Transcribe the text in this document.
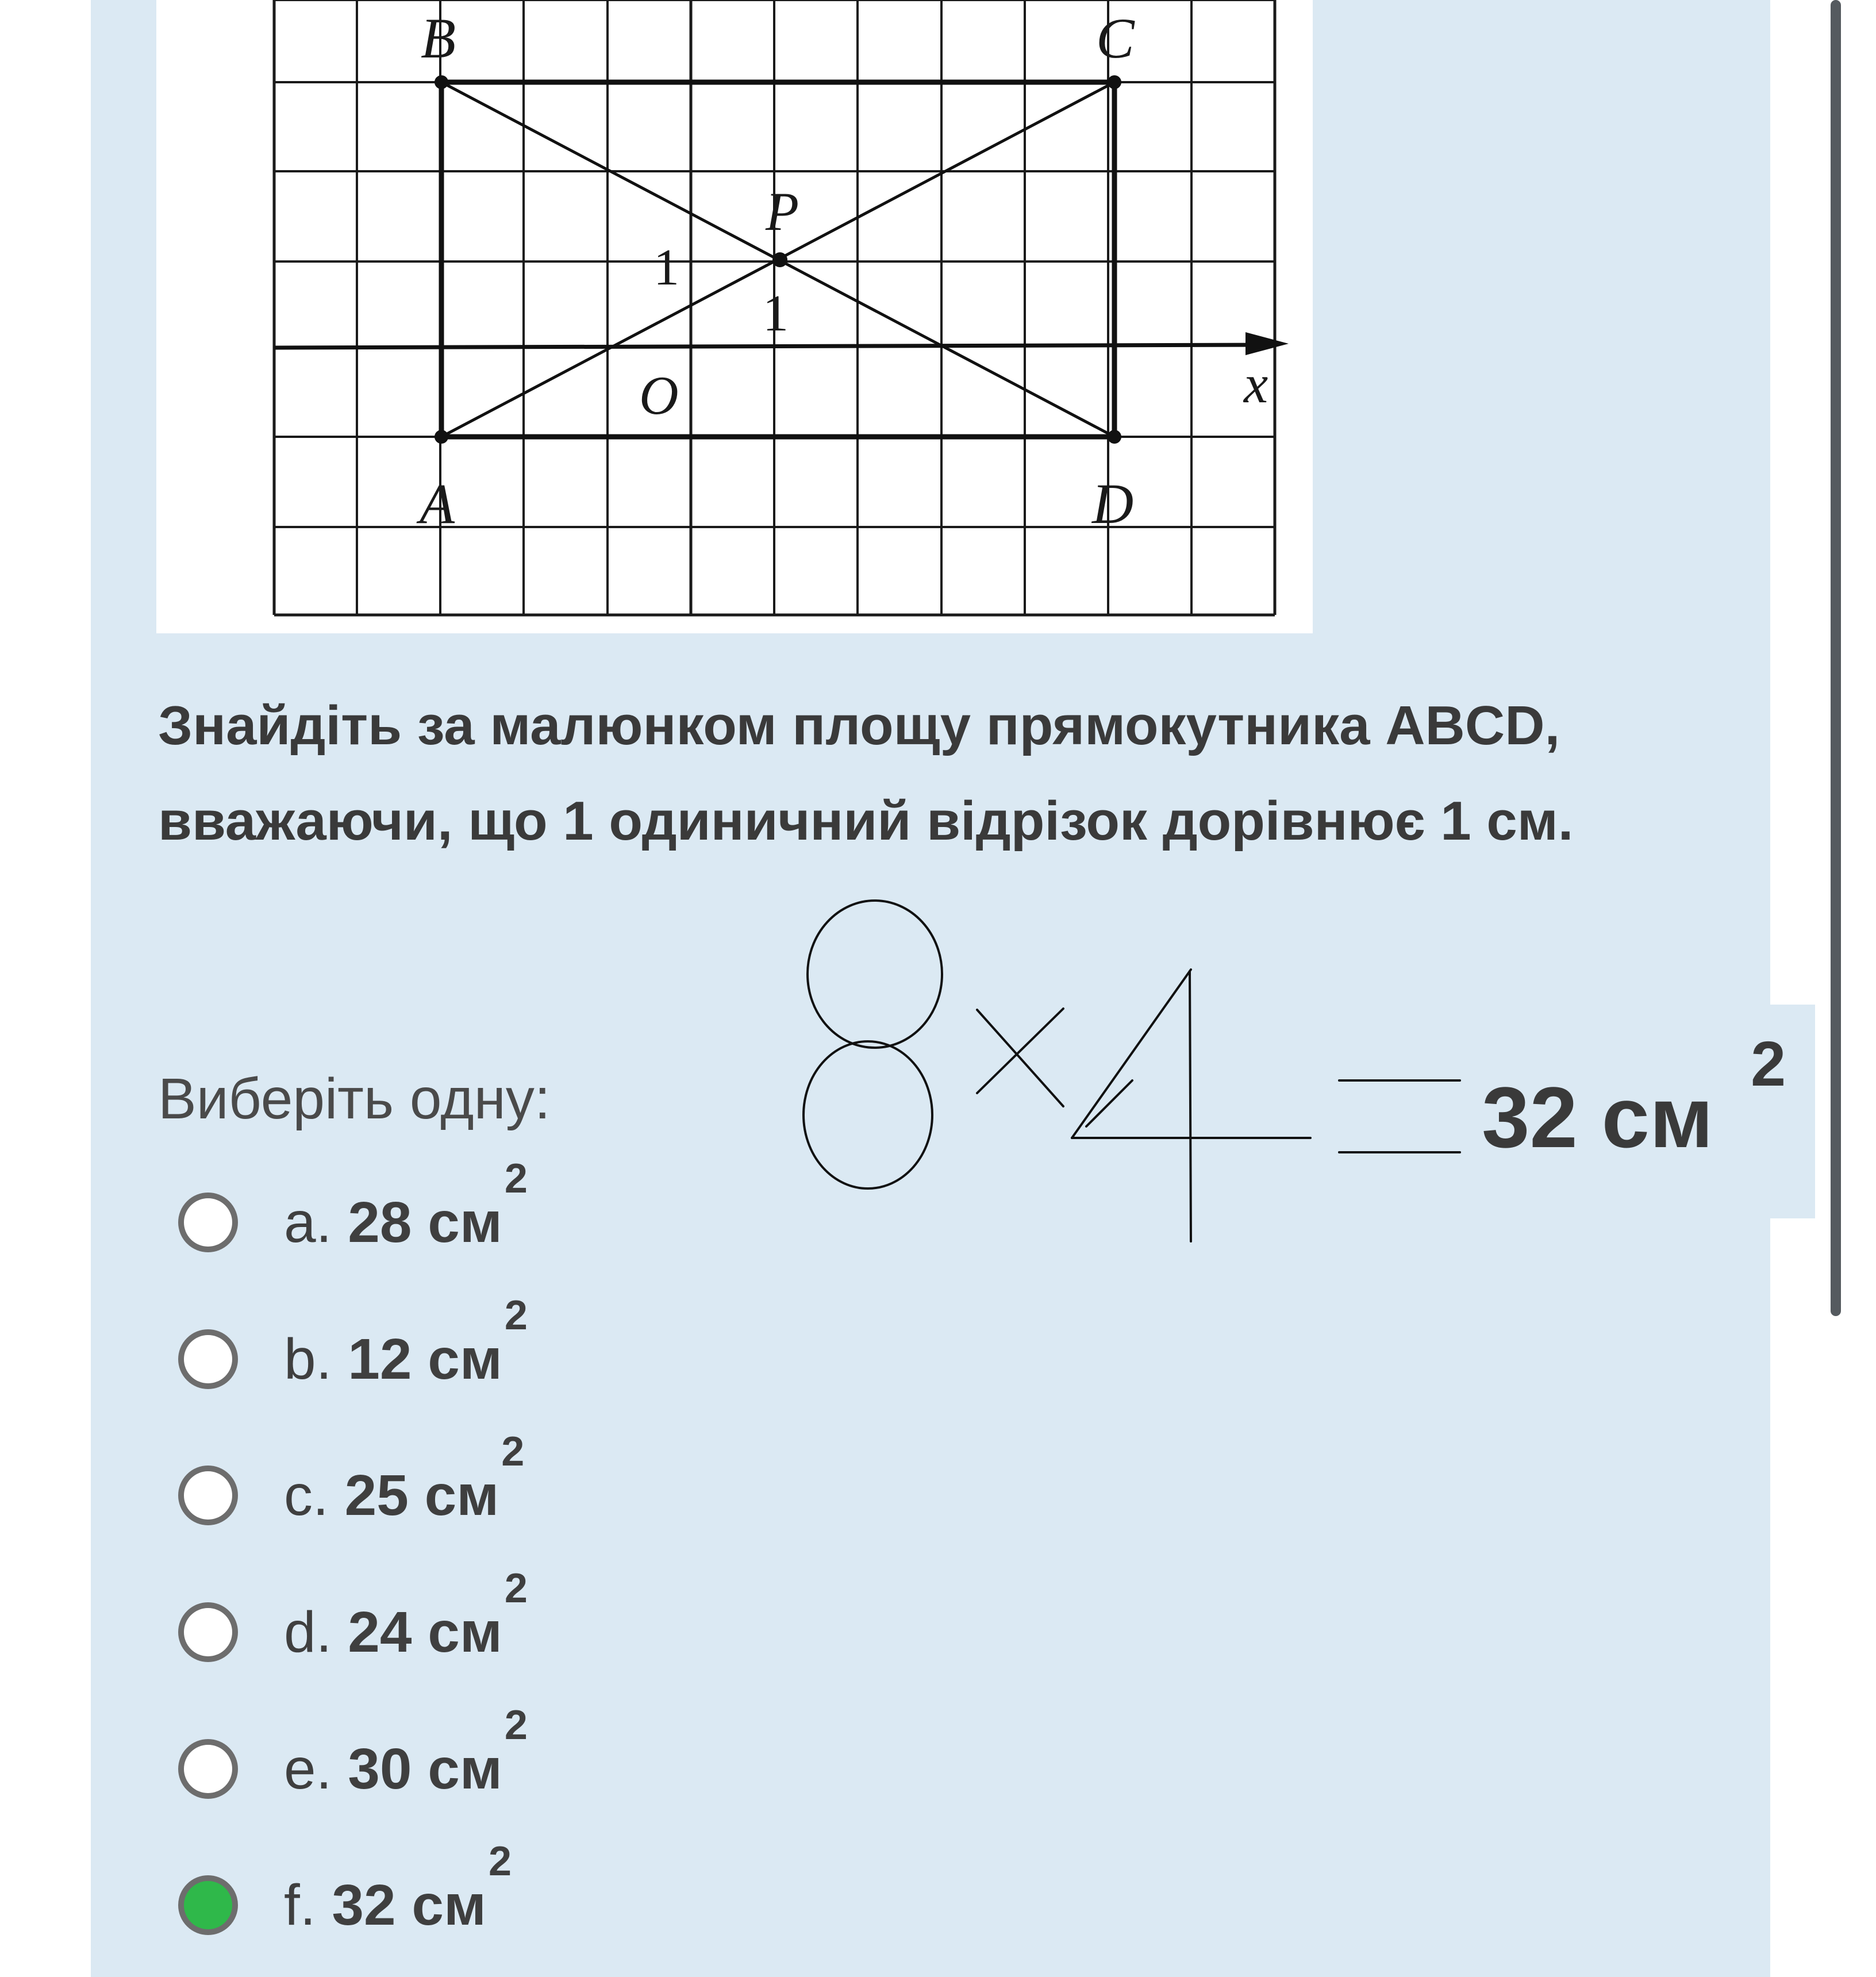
B	C
P
O
A	D
x
1
1
Знайдіть за малюнком площу прямокутника ABCD, вважаючи, що 1 одиничний відрізок дорівнює 1 см.
Виберіть одну:
a. 28 $см^2$
b. 12 $см^2$
c. 25 $см^2$
d. 24 $см^2$
e. 30 $см^2$
f. 32 $см^2$
32 см
2
